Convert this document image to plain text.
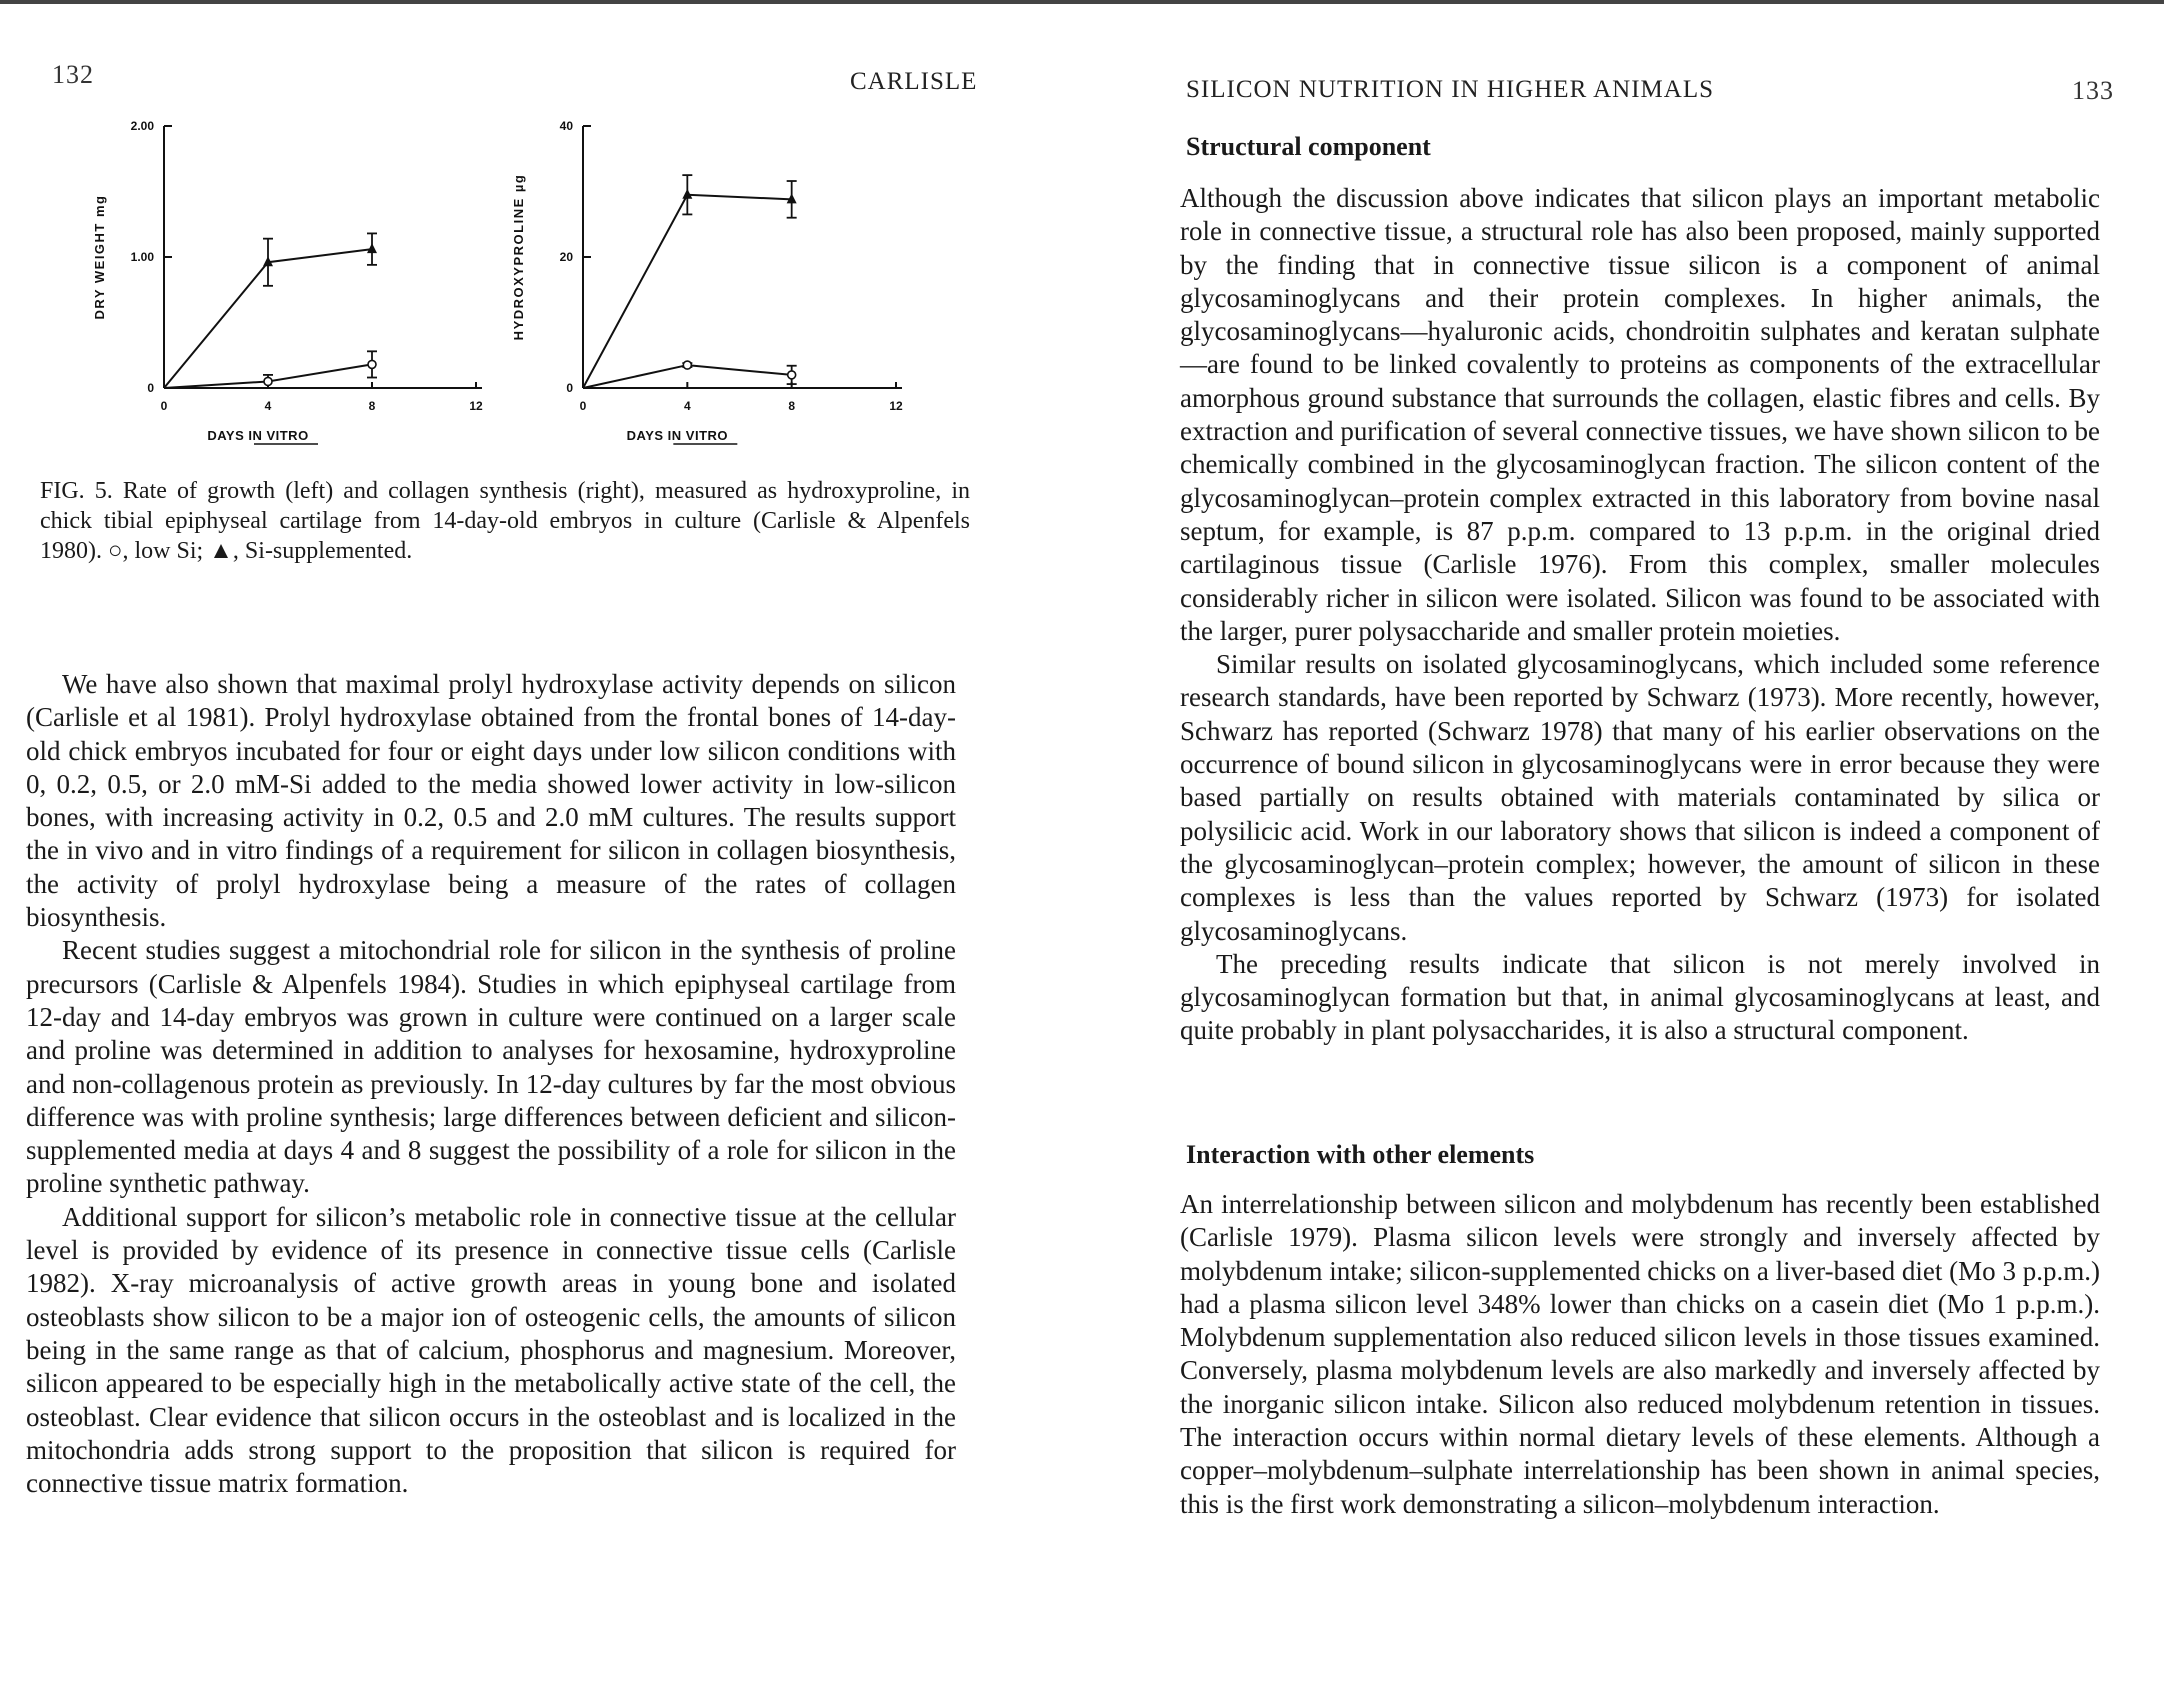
132	CARLISLE
0
1.00
2.00
0	4	8	12
DAYS IN VITRO
DRY WEIGHT mg
0
20
40
0	4	8	12
DAYS IN VITRO
HYDROXYPROLINE µg
FIG. 5. Rate of growth (left) and collagen synthesis (right), measured as hydroxyproline, in chick tibial epiphyseal cartilage from 14-day-old embryos in culture (Carlisle & Alpenfels 1980). ○, low Si; ▲, Si-supplemented.

We have also shown that maximal prolyl hydroxylase activity depends on silicon (Carlisle et al 1981). Prolyl hydroxylase obtained from the frontal bones of 14-day-old chick embryos incubated for four or eight days under low silicon conditions with 0, 0.2, 0.5, or 2.0 mM-Si added to the media showed lower activity in low-silicon bones, with increasing activity in 0.2, 0.5 and 2.0 mM cultures. The results support the in vivo and in vitro findings of a requirement for silicon in collagen biosynthesis, the activity of prolyl hydroxylase being a measure of the rates of collagen biosynthesis.

Recent studies suggest a mitochondrial role for silicon in the synthesis of proline precursors (Carlisle & Alpenfels 1984). Studies in which epiphyseal cartilage from 12-day and 14-day embryos was grown in culture were continued on a larger scale and proline was determined in addition to analyses for hexosamine, hydroxyproline and non-collagenous protein as previously. In 12-day cultures by far the most obvious difference was with proline synthesis; large differences between deficient and silicon-supplemented media at days 4 and 8 suggest the possibility of a role for silicon in the proline synthetic pathway.

Additional support for silicon’s metabolic role in connective tissue at the cellular level is provided by evidence of its presence in connective tissue cells (Carlisle 1982). X-ray microanalysis of active growth areas in young bone and isolated osteoblasts show silicon to be a major ion of osteogenic cells, the amounts of silicon being in the same range as that of calcium, phosphorus and magnesium. Moreover, silicon appeared to be especially high in the metabolically active state of the cell, the osteoblast. Clear evidence that silicon occurs in the osteoblast and is localized in the mitochondria adds strong support to the proposition that silicon is required for connective tissue matrix formation.

SILICON NUTRITION IN HIGHER ANIMALS	133
Structural component

Although the discussion above indicates that silicon plays an important metabolic role in connective tissue, a structural role has also been proposed, mainly supported by the finding that in connective tissue silicon is a component of animal glycosaminoglycans and their protein complexes. In higher animals, the glycosaminoglycans—hyaluronic acids, chondroitin sulphates and keratan sulphate—are found to be linked covalently to proteins as components of the extracellular amorphous ground substance that surrounds the collagen, elastic fibres and cells. By extraction and purification of several connective tissues, we have shown silicon to be chemically combined in the glycosaminoglycan fraction. The silicon content of the glycosaminoglycan–protein complex extracted in this laboratory from bovine nasal septum, for example, is 87 p.p.m. compared to 13 p.p.m. in the original dried cartilaginous tissue (Carlisle 1976). From this complex, smaller molecules considerably richer in silicon were isolated. Silicon was found to be associated with the larger, purer polysaccharide and smaller protein moieties.

Similar results on isolated glycosaminoglycans, which included some reference research standards, have been reported by Schwarz (1973). More recently, however, Schwarz has reported (Schwarz 1978) that many of his earlier observations on the occurrence of bound silicon in glycosaminoglycans were in error because they were based partially on results obtained with materials contaminated by silica or polysilicic acid. Work in our laboratory shows that silicon is indeed a component of the glycosaminoglycan–protein complex; however, the amount of silicon in these complexes is less than the values reported by Schwarz (1973) for isolated glycosaminoglycans.

The preceding results indicate that silicon is not merely involved in glycosaminoglycan formation but that, in animal glycosaminoglycans at least, and quite probably in plant polysaccharides, it is also a structural component.

Interaction with other elements

An interrelationship between silicon and molybdenum has recently been established (Carlisle 1979). Plasma silicon levels were strongly and inversely affected by molybdenum intake; silicon-supplemented chicks on a liver-based diet (Mo 3 p.p.m.) had a plasma silicon level 348% lower than chicks on a casein diet (Mo 1 p.p.m.). Molybdenum supplementation also reduced silicon levels in those tissues examined. Conversely, plasma molybdenum levels are also markedly and inversely affected by the inorganic silicon intake. Silicon also reduced molybdenum retention in tissues. The interaction occurs within normal dietary levels of these elements. Although a copper–molybdenum–sulphate interrelationship has been shown in animal species, this is the first work demonstrating a silicon–molybdenum interaction.
